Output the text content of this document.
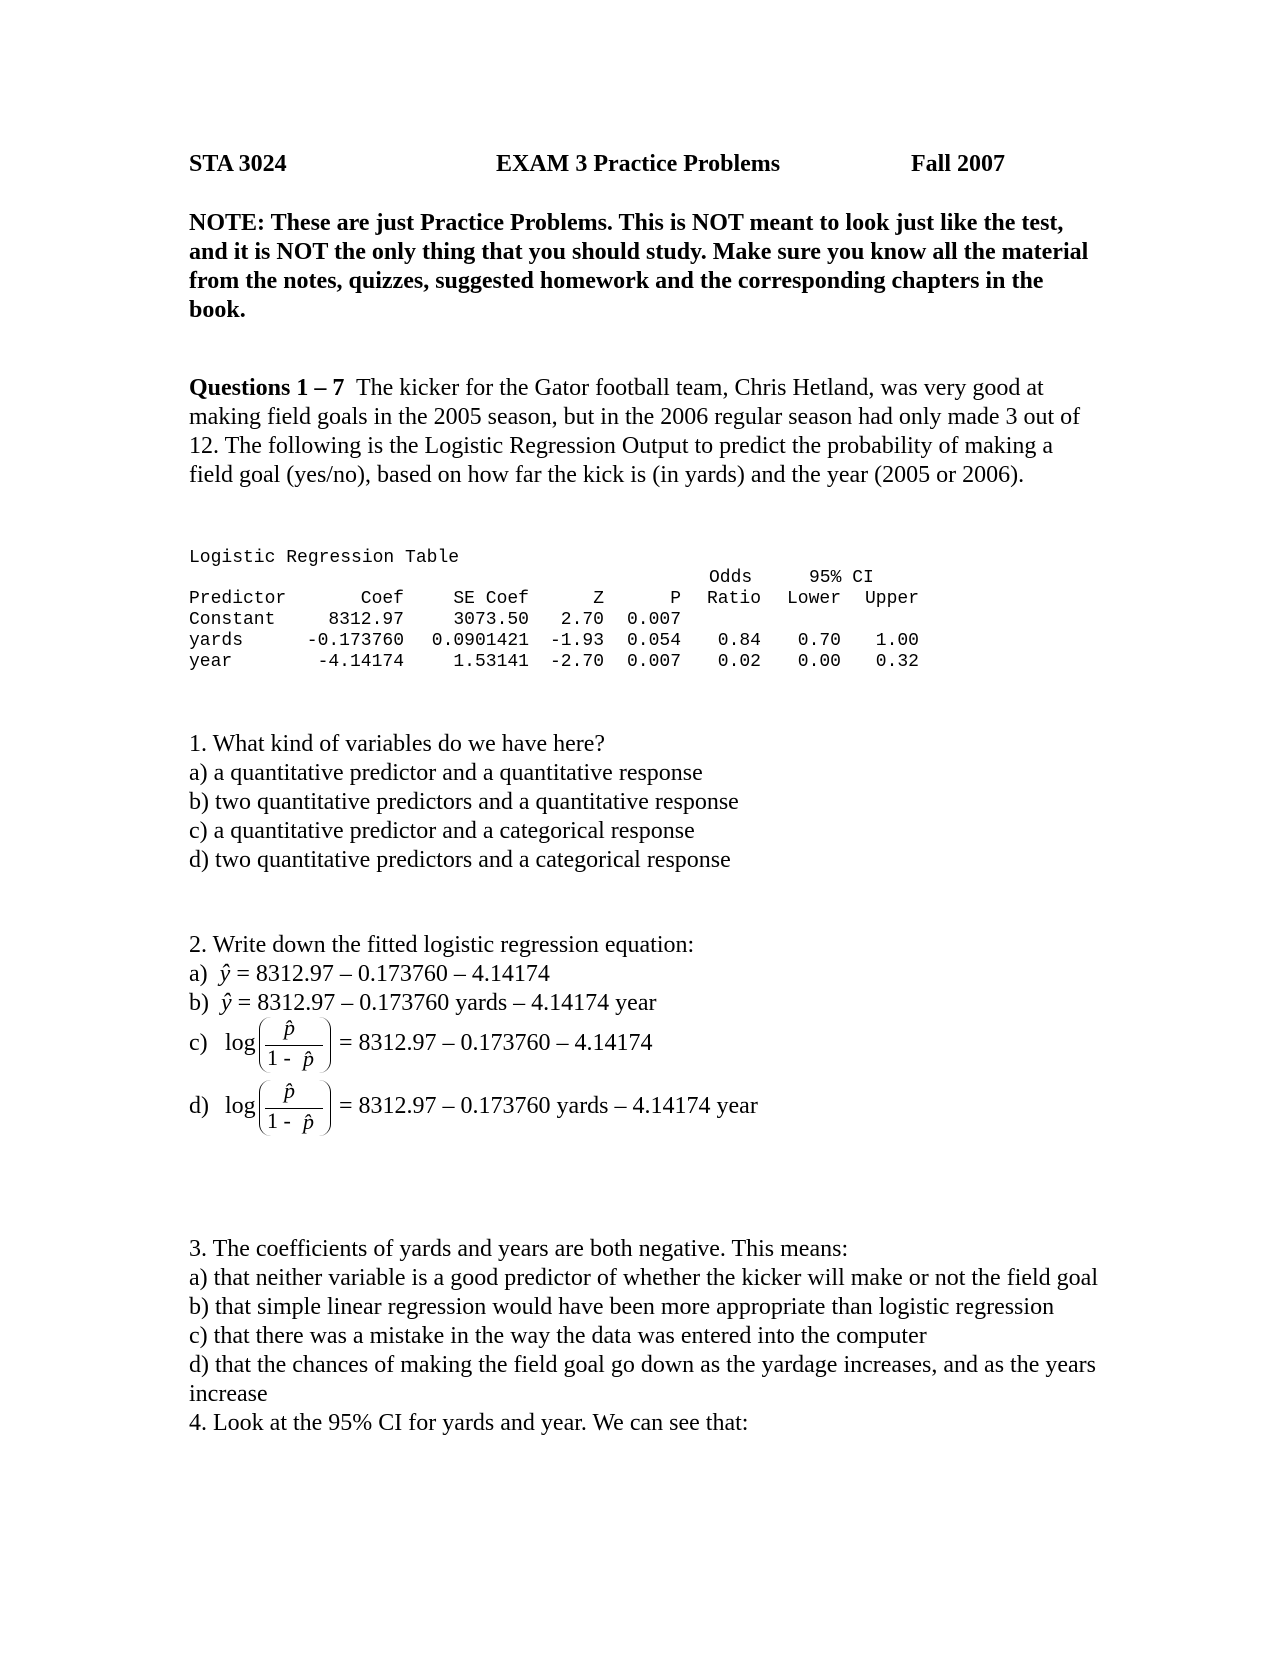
STA 3024	EXAM 3 Practice Problems	Fall 2007
NOTE: These are just Practice Problems. This is NOT meant to look just like the test, and it is NOT the only thing that you should study. Make sure you know all the material from the notes, quizzes, suggested homework and the corresponding chapters in the book.
Questions 1 – 7 The kicker for the Gator football team, Chris Hetland, was very good at making field goals in the 2005 season, but in the 2006 regular season had only made 3 out of 12. The following is the Logistic Regression Output to predict the probability of making a field goal (yes/no), based on how far the kick is (in yards) and the year (2005 or 2006).
Logistic Regression Table
Odds	95% CI
Predictor	Coef	SE Coef	Z	P	Ratio	Lower	Upper
Constant	8312.97	3073.50	2.70	0.007
yards	-0.173760	0.0901421	-1.93	0.054	0.84	0.70	1.00
year	-4.14174	1.53141	-2.70	0.007	0.02	0.00	0.32
1. What kind of variables do we have here?
a) a quantitative predictor and a quantitative response
b) two quantitative predictors and a quantitative response
c) a quantitative predictor and a categorical response
d) two quantitative predictors and a categorical response
2. Write down the fitted logistic regression equation:
a) ŷ = 8312.97 – 0.173760 – 4.14174
b) ŷ = 8312.97 – 0.173760 yards – 4.14174 year
c) log
p̂
1 - p̂
= 8312.97 – 0.173760 – 4.14174
d) log
p̂
1 - p̂
= 8312.97 – 0.173760 yards – 4.14174 year
3. The coefficients of yards and years are both negative. This means:
a) that neither variable is a good predictor of whether the kicker will make or not the field goal
b) that simple linear regression would have been more appropriate than logistic regression
c) that there was a mistake in the way the data was entered into the computer
d) that the chances of making the field goal go down as the yardage increases, and as the years increase
4. Look at the 95% CI for yards and year. We can see that:
